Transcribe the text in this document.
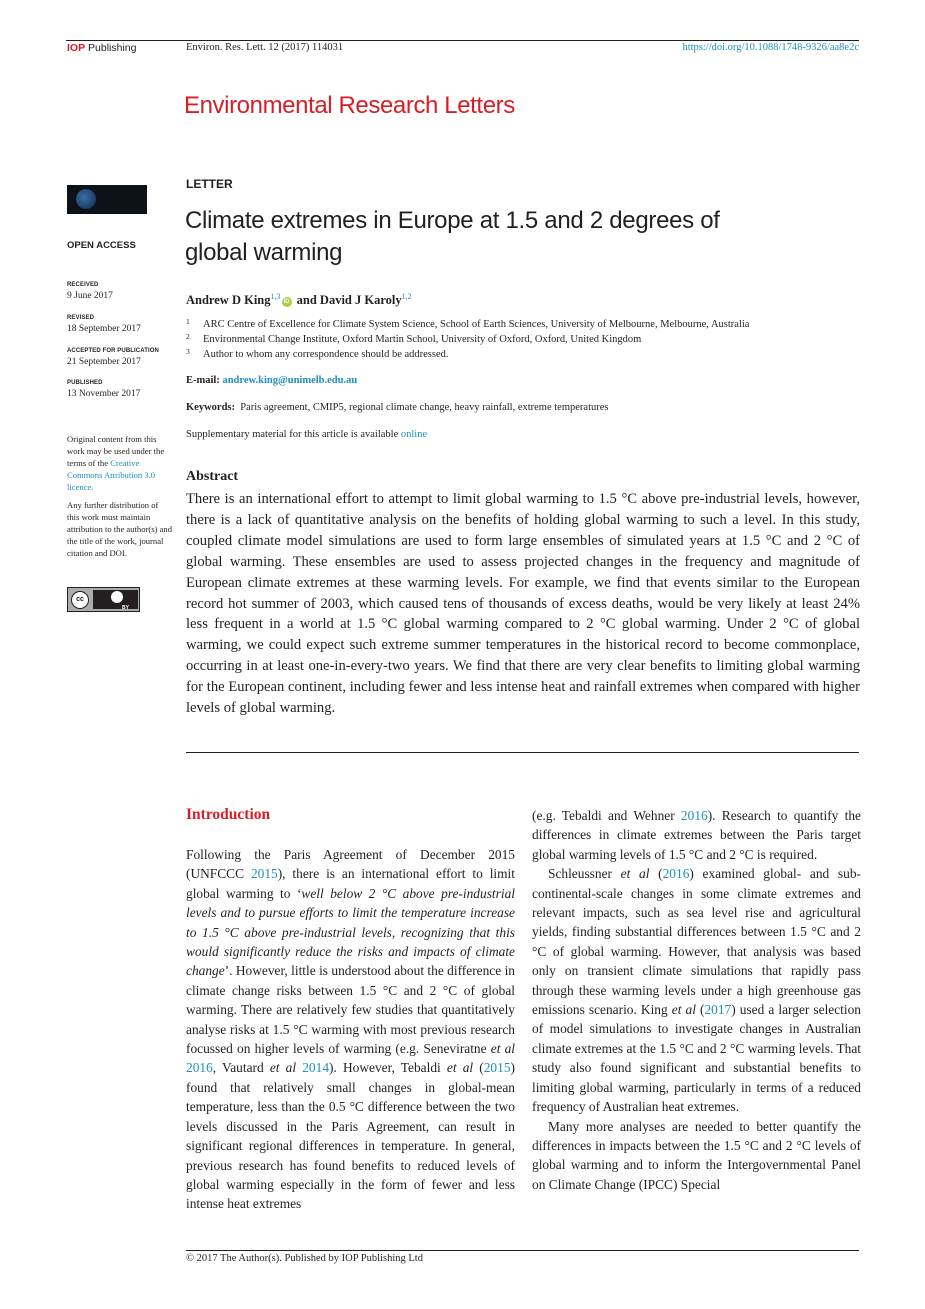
IOP Publishing	Environ. Res. Lett. 12 (2017) 114031	https://doi.org/10.1088/1748-9326/aa8e2c
Environmental Research Letters
OPEN ACCESS
RECEIVED
9 June 2017
REVISED
18 September 2017
ACCEPTED FOR PUBLICATION
21 September 2017
PUBLISHED
13 November 2017
Original content from this work may be used under the terms of the Creative Commons Attribution 3.0 licence.
Any further distribution of this work must maintain attribution to the author(s) and the title of the work, journal citation and DOI.
cc
BY
LETTER
Climate extremes in Europe at 1.5 and 2 degrees of global warming
Andrew D King$^{1,3}$iD and David J Karoly$^{1,2}$
1 ARC Centre of Excellence for Climate System Science, School of Earth Sciences, University of Melbourne, Melbourne, Australia
2 Environmental Change Institute, Oxford Martin School, University of Oxford, Oxford, United Kingdom
3 Author to whom any correspondence should be addressed.
E-mail: andrew.king@unimelb.edu.au
Keywords: Paris agreement, CMIP5, regional climate change, heavy rainfall, extreme temperatures
Supplementary material for this article is available online
Abstract
There is an international effort to attempt to limit global warming to 1.5 °C above pre-industrial levels, however, there is a lack of quantitative analysis on the benefits of holding global warming to such a level. In this study, coupled climate model simulations are used to form large ensembles of simulated years at 1.5 °C and 2 °C of global warming. These ensembles are used to assess projected changes in the frequency and magnitude of European climate extremes at these warming levels. For example, we find that events similar to the European record hot summer of 2003, which caused tens of thousands of excess deaths, would be very likely at least 24% less frequent in a world at 1.5 °C global warming compared to 2 °C global warming. Under 2 °C of global warming, we could expect such extreme summer temperatures in the historical record to become commonplace, occurring in at least one-in-every-two years. We find that there are very clear benefits to limiting global warming for the European continent, including fewer and less intense heat and rainfall extremes when compared with higher levels of global warming.
Introduction

Following the Paris Agreement of December 2015 (UNFCCC 2015), there is an international effort to limit global warming to ‘well below 2 °C above pre-industrial levels and to pursue efforts to limit the temperature increase to 1.5 °C above pre-industrial levels, recognizing that this would significantly reduce the risks and impacts of climate change’. However, little is understood about the difference in climate change risks between 1.5 °C and 2 °C of global warming. There are relatively few studies that quantitatively analyse risks at 1.5 °C warming with most previous research focussed on higher levels of warming (e.g. Seneviratne et al 2016, Vautard et al 2014). However, Tebaldi et al (2015) found that relatively small changes in global-mean temperature, less than the 0.5 °C difference between the two levels discussed in the Paris Agreement, can result in significant regional differences in temperature. In general, previous research has found benefits to reduced levels of global warming especially in the form of fewer and less intense heat extremes

(e.g. Tebaldi and Wehner 2016). Research to quantify the differences in climate extremes between the Paris target global warming levels of 1.5 °C and 2 °C is required.

Schleussner et al (2016) examined global- and sub-continental-scale changes in some climate extremes and relevant impacts, such as sea level rise and agricultural yields, finding substantial differences between 1.5 °C and 2 °C of global warming. However, that analysis was based only on transient climate simulations that rapidly pass through these warming levels under a high greenhouse gas emissions scenario. King et al (2017) used a larger selection of model simulations to investigate changes in Australian climate extremes at the 1.5 °C and 2 °C warming levels. That study also found significant and substantial benefits to limiting global warming, particularly in terms of a reduced frequency of Australian heat extremes.

Many more analyses are needed to better quantify the differences in impacts between the 1.5 °C and 2 °C levels of global warming and to inform the Intergovernmental Panel on Climate Change (IPCC) Special

© 2017 The Author(s). Published by IOP Publishing Ltd
